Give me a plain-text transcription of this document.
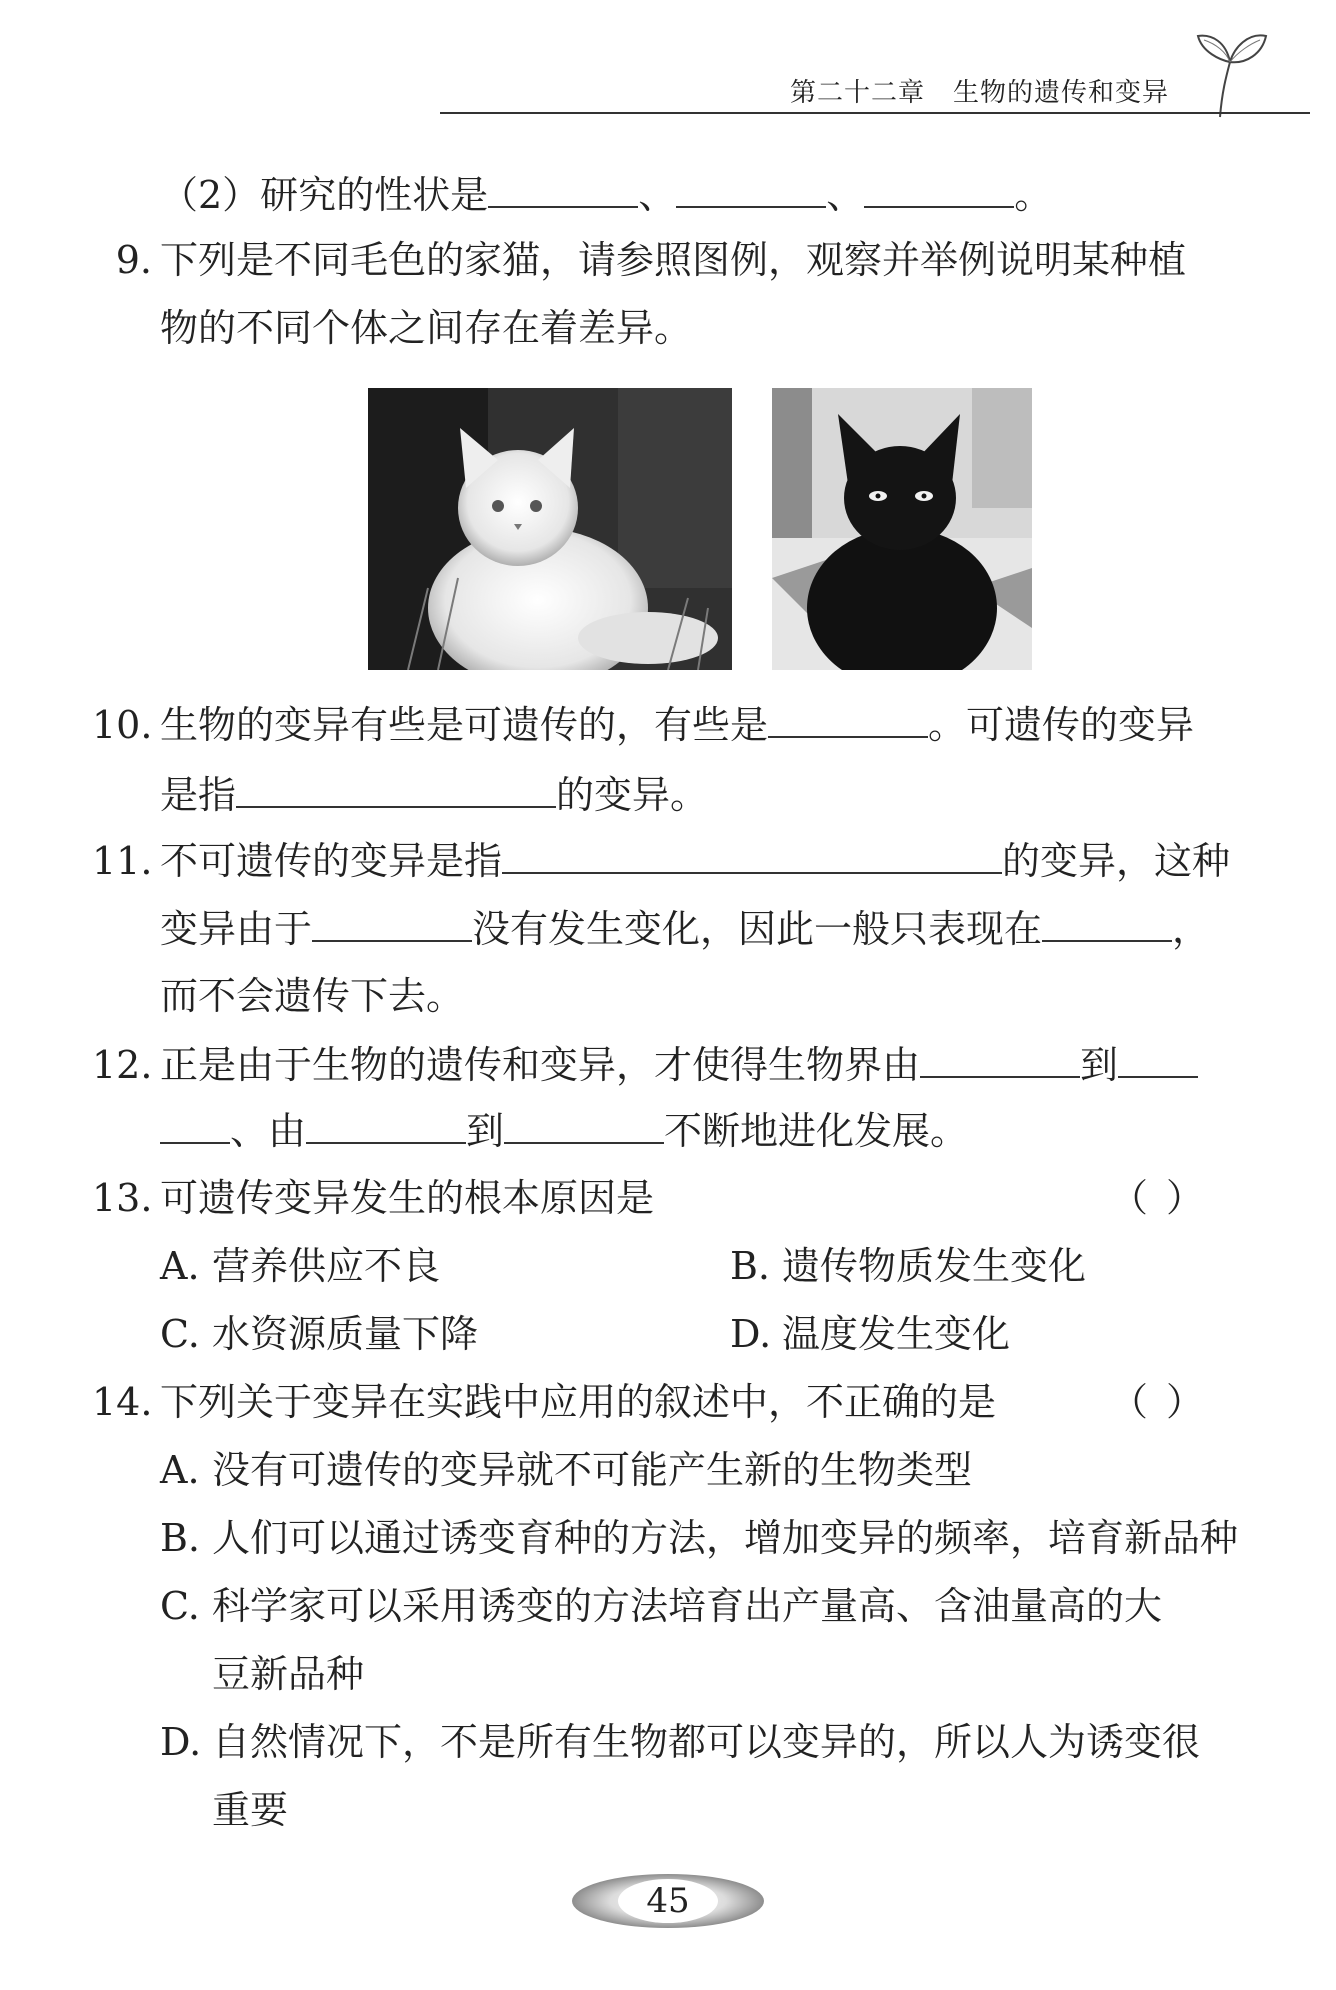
第二十二章 生物的遗传和变异
（2）研究的性状是	、	、	。
9. 下列是不同毛色的家猫，请参照图例，观察并举例说明某种植
物的不同个体之间存在着差异。
10. 生物的变异有些是可遗传的，有些是	。可遗传的变异
是指	的变异。
11. 不可遗传的变异是指	的变异，这种
变异由于	没有发生变化，因此一般只表现在	，
而不会遗传下去。
12. 正是由于生物的遗传和变异，才使得生物界由	到
、由	到	不断地进化发展。
13. 可遗传变异发生的根本原因是	（ ）
A. 营养供应不良	B. 遗传物质发生变化
C. 水资源质量下降	D. 温度发生变化
14. 下列关于变异在实践中应用的叙述中，不正确的是	（ ）
A. 没有可遗传的变异就不可能产生新的生物类型
B. 人们可以通过诱变育种的方法，增加变异的频率，培育新品种
C. 科学家可以采用诱变的方法培育出产量高、含油量高的大
豆新品种
D. 自然情况下，不是所有生物都可以变异的，所以人为诱变很
重要
45
